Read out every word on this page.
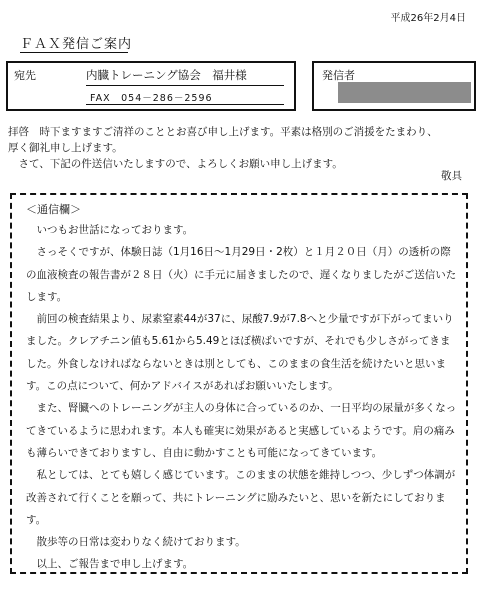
平成26年2月4日
ＦＡＸ発信ご案内
宛先	内臓トレーニング協会　福井様
FAX　054－286－2596
発信者

拝啓　時下ますますご清祥のこととお喜び申し上げます。平素は格別のご消援をたまわり、

厚く御礼申し上げます。

さて、下記の件送信いたしますので、よろしくお願い申し上げます。

敬具
＜通信欄＞

いつもお世話になっております。

さっそくですが、体験日誌（1月16日～1月29日・2枚）と１月２０日（月）の透析の際の血液検査の報告書が２８日（火）に手元に届きましたので、遅くなりましたがご送信いたします。

前回の検査結果より、尿素窒素44が37に、尿酸7.9が7.8へと少量ですが下がってまいりました。クレアチニン値も5.61から5.49とほぼ横ばいですが、それでも少しさがってきました。外食しなければならないときは別としても、このままの食生活を続けたいと思います。この点について、何かアドバイスがあればお願いいたします。

また、腎臓へのトレーニングが主人の身体に合っているのか、一日平均の尿量が多くなってきているように思われます。本人も確実に効果があると実感しているようです。肩の痛みも薄らいできておりますし、自由に動かすことも可能になってきています。

私としては、とても嬉しく感じています。このままの状態を維持しつつ、少しずつ体調が改善されて行くことを願って、共にトレーニングに励みたいと、思いを新たにしております。

散歩等の日常は変わりなく続けております。

以上、ご報告まで申し上げます。
